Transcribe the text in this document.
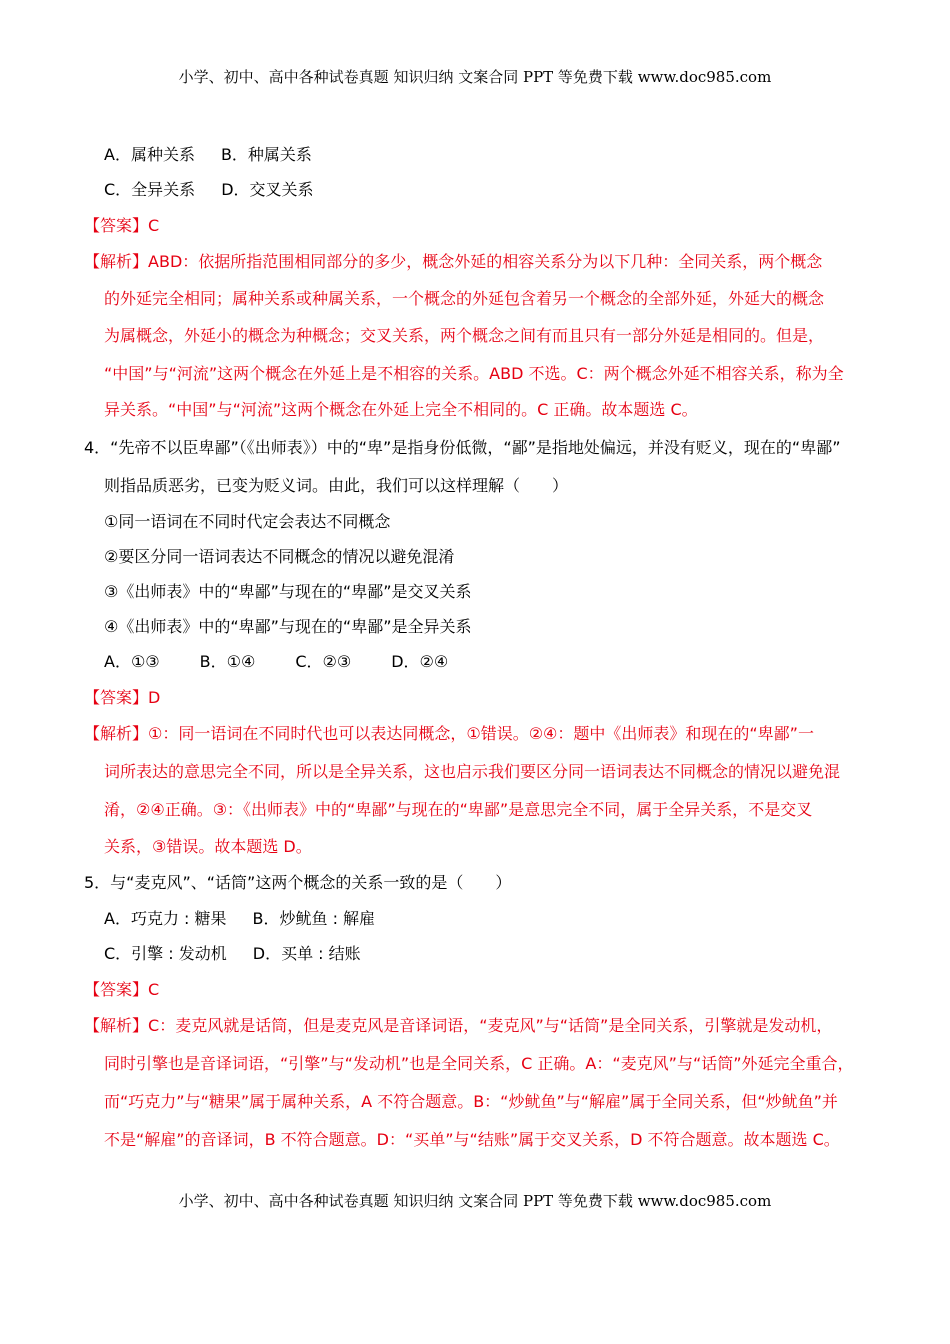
小学、初中、高中各种试卷真题 知识归纳 文案合同 PPT 等免费下载 www.doc985.com
A．属种关系 B．种属关系
C．全异关系 D．交叉关系
【答案】C
【解析】ABD：依据所指范围相同部分的多少，概念外延的相容关系分为以下几种：全同关系，两个概念
的外延完全相同；属种关系或种属关系，一个概念的外延包含着另一个概念的全部外延，外延大的概念
为属概念，外延小的概念为种概念；交叉关系，两个概念之间有而且只有一部分外延是相同的。但是，
“中国”与“河流”这两个概念在外延上是不相容的关系。ABD 不选。C：两个概念外延不相容关系，称为全
异关系。“中国”与“河流”这两个概念在外延上完全不相同的。C 正确。故本题选 C。
4．“先帝不以臣卑鄙”（《出师表》）中的“卑”是指身份低微，“鄙”是指地处偏远，并没有贬义，现在的“卑鄙”
则指品质恶劣，已变为贬义词。由此，我们可以这样理解（　　）
①同一语词在不同时代定会表达不同概念
②要区分同一语词表达不同概念的情况以避免混淆
③《出师表》中的“卑鄙”与现在的“卑鄙”是交叉关系
④《出师表》中的“卑鄙”与现在的“卑鄙”是全异关系
A．①③	B．①④	C．②③	D．②④
【答案】D
【解析】①：同一语词在不同时代也可以表达同概念，①错误。②④：题中《出师表》和现在的“卑鄙”一
词所表达的意思完全不同，所以是全异关系，这也启示我们要区分同一语词表达不同概念的情况以避免混
淆，②④正确。③：《出师表》中的“卑鄙”与现在的“卑鄙”是意思完全不同，属于全异关系，不是交叉
关系，③错误。故本题选 D。
5．与“麦克风”、“话筒”这两个概念的关系一致的是（　　）
A．巧克力 : 糖果 B．炒鱿鱼 : 解雇
C．引擎 : 发动机 D．买单 : 结账
【答案】C
【解析】C：麦克风就是话筒，但是麦克风是音译词语，“麦克风”与“话筒”是全同关系，引擎就是发动机，
同时引擎也是音译词语，“引擎”与“发动机”也是全同关系，C 正确。A：“麦克风”与“话筒”外延完全重合，
而“巧克力”与“糖果”属于属种关系，A 不符合题意。B：“炒鱿鱼”与“解雇”属于全同关系，但“炒鱿鱼”并
不是“解雇”的音译词，B 不符合题意。D：“买单”与“结账”属于交叉关系，D 不符合题意。故本题选 C。
小学、初中、高中各种试卷真题 知识归纳 文案合同 PPT 等免费下载 www.doc985.com
